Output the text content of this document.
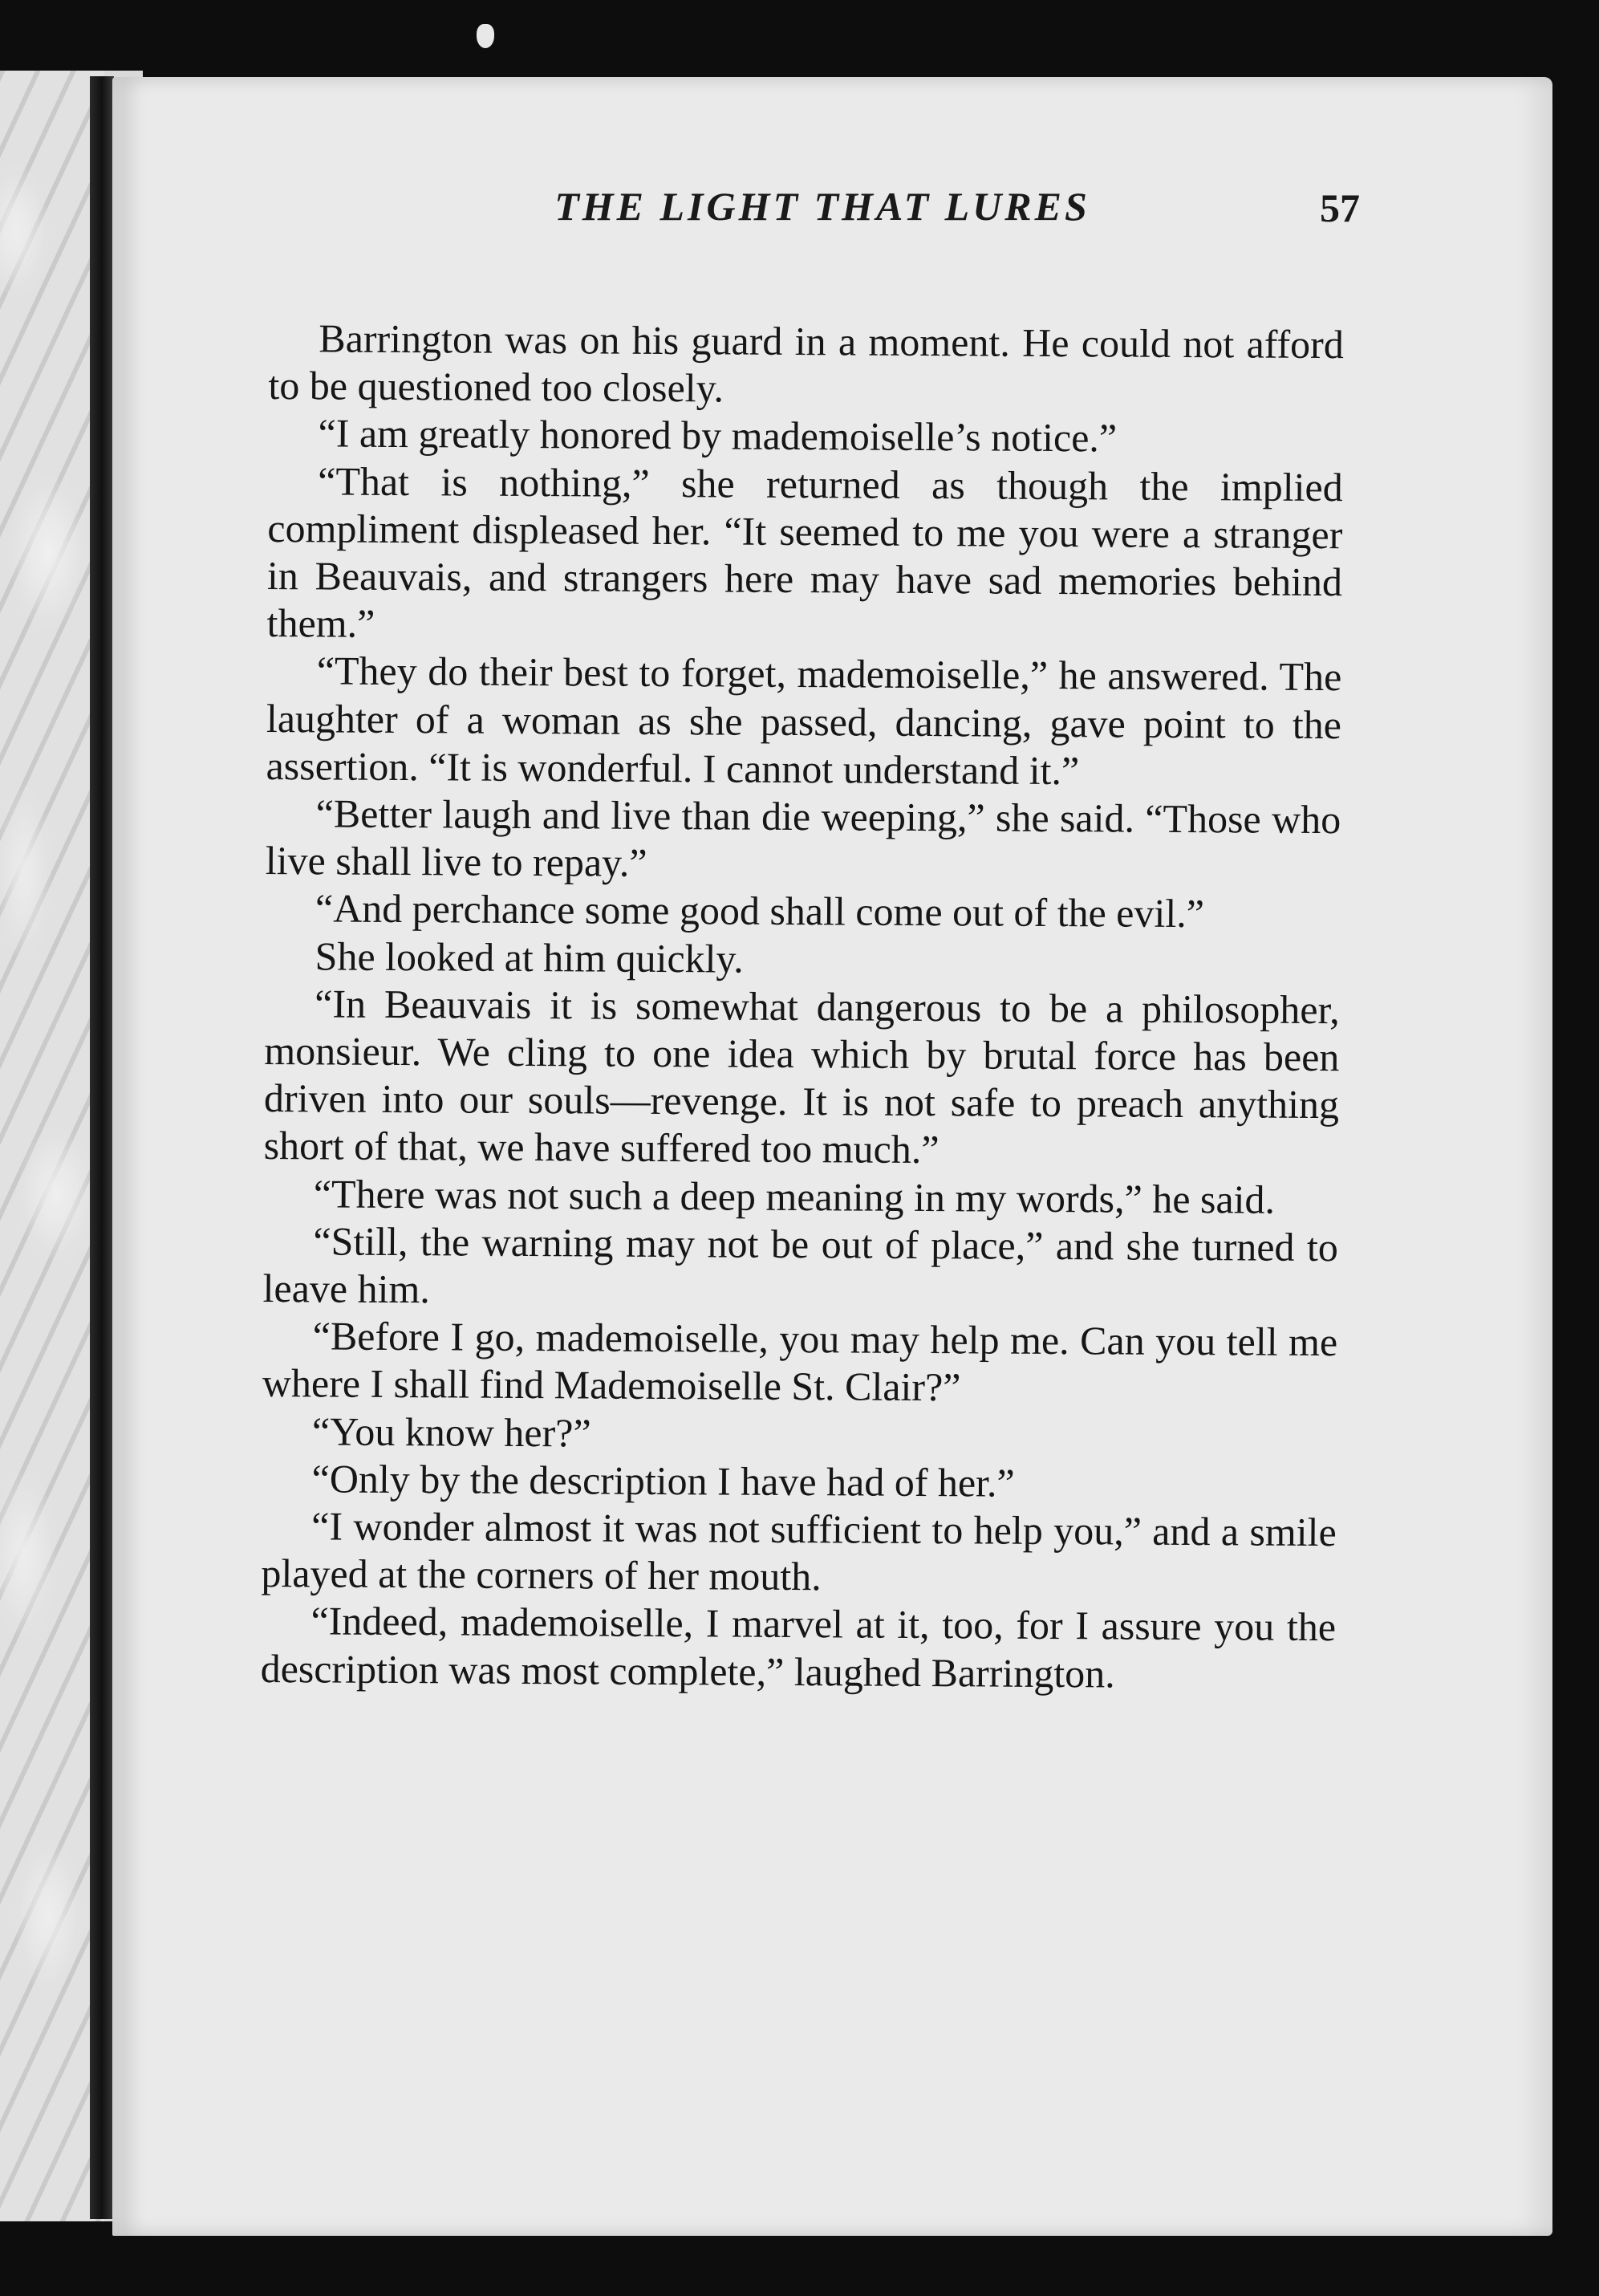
THE LIGHT THAT LURES	57

Barrington was on his guard in a moment. He could not afford to be questioned too closely.

“I am greatly honored by mademoiselle’s notice.”

“That is nothing,” she returned as though the implied compliment displeased her. “It seemed to me you were a stranger in Beauvais, and strangers here may have sad memories behind them.”

“They do their best to forget, mademoiselle,” he answered. The laughter of a woman as she passed, dancing, gave point to the assertion. “It is wonderful. I cannot understand it.”

“Better laugh and live than die weeping,” she said. “Those who live shall live to repay.”

“And perchance some good shall come out of the evil.”

She looked at him quickly.

“In Beauvais it is somewhat dangerous to be a philosopher, monsieur. We cling to one idea which by brutal force has been driven into our souls—revenge. It is not safe to preach anything short of that, we have suffered too much.”

“There was not such a deep meaning in my words,” he said.

“Still, the warning may not be out of place,” and she turned to leave him.

“Before I go, mademoiselle, you may help me. Can you tell me where I shall find Mademoiselle St. Clair?”

“You know her?”

“Only by the description I have had of her.”

“I wonder almost it was not sufficient to help you,” and a smile played at the corners of her mouth.

“Indeed, mademoiselle, I marvel at it, too, for I assure you the description was most complete,” laughed Barrington.
